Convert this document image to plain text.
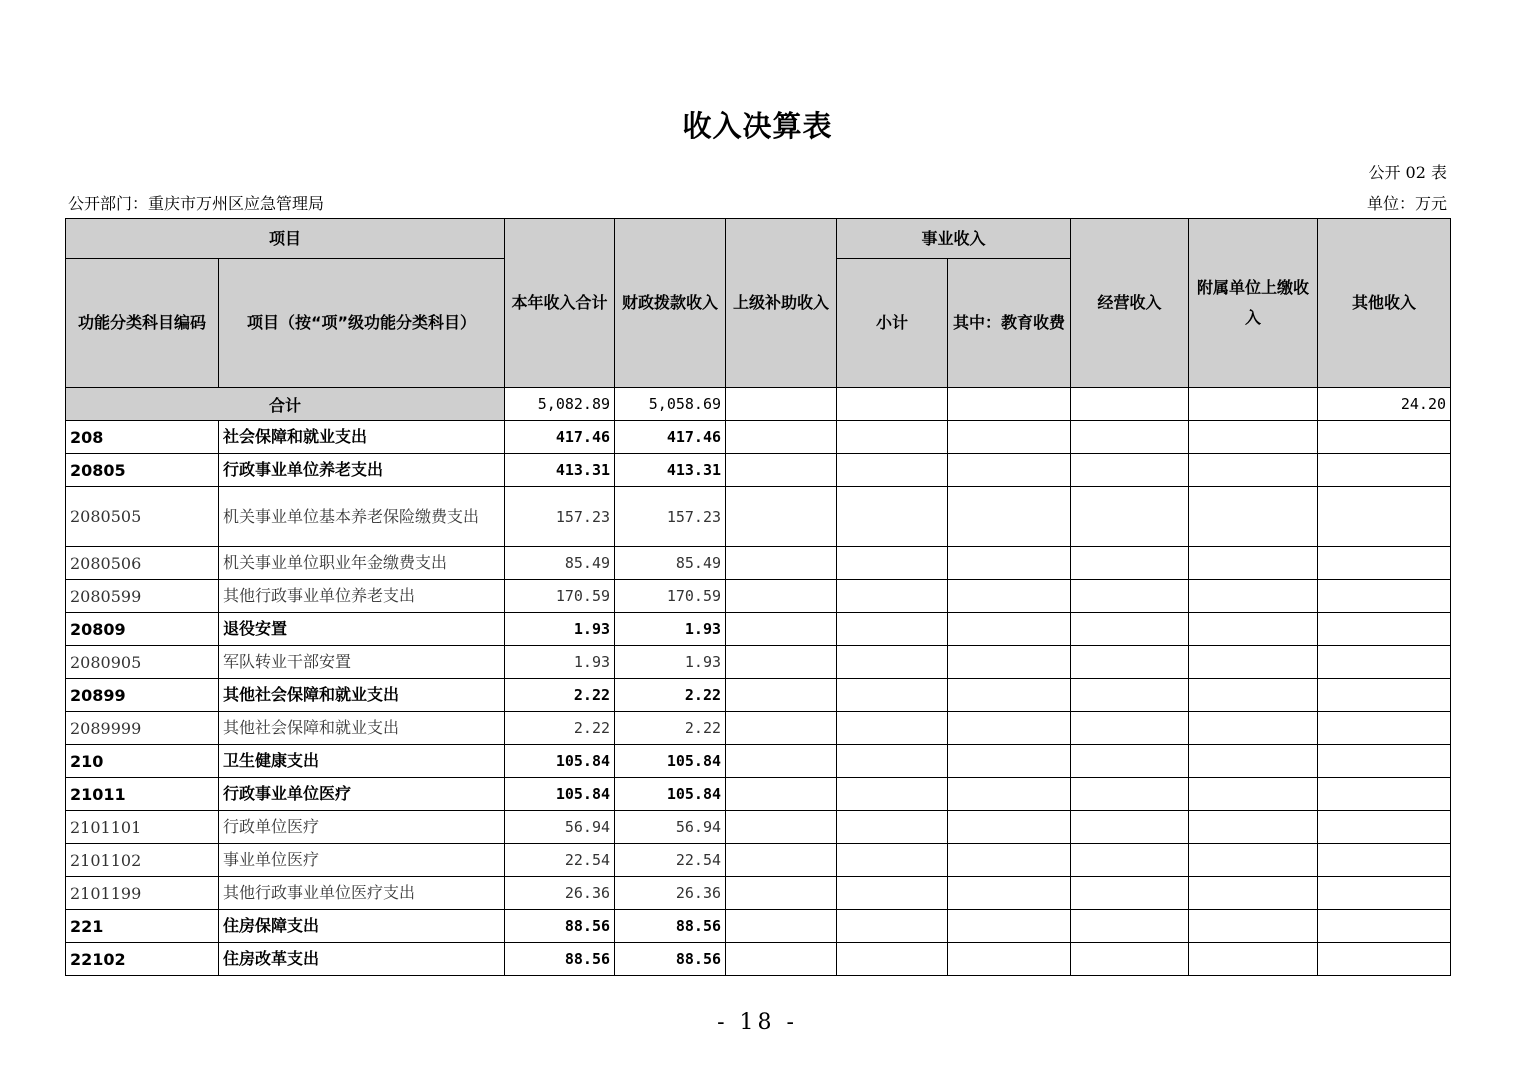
收入决算表
公开 02 表
公开部门：重庆市万州区应急管理局	单位：万元
项目		本年收入合计	财政拨款收入	上级补助收入	事业收入		经营收入	附属单位上缴收入	其他收入
功能分类科目编码	项目（按“项”级功能分类科目）				小计	其中：教育收费			
合计		5,082.89	5,058.69						24.20
208	社会保障和就业支出	417.46	417.46						
20805	行政事业单位养老支出	413.31	413.31						
2080505	机关事业单位基本养老保险缴费支出	157.23	157.23						
2080506	机关事业单位职业年金缴费支出	85.49	85.49						
2080599	其他行政事业单位养老支出	170.59	170.59						
20809	退役安置	1.93	1.93						
2080905	军队转业干部安置	1.93	1.93						
20899	其他社会保障和就业支出	2.22	2.22						
2089999	其他社会保障和就业支出	2.22	2.22						
210	卫生健康支出	105.84	105.84						
21011	行政事业单位医疗	105.84	105.84						
2101101	行政单位医疗	56.94	56.94						
2101102	事业单位医疗	22.54	22.54						
2101199	其他行政事业单位医疗支出	26.36	26.36						
221	住房保障支出	88.56	88.56						
22102	住房改革支出	88.56	88.56						
- 18 -
